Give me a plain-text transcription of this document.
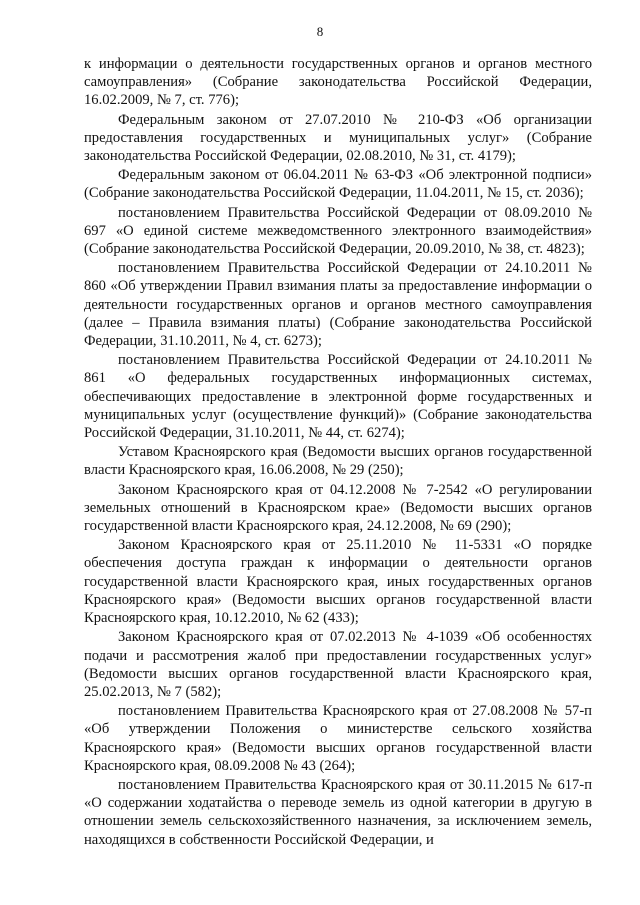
8

к информации о деятельности государственных органов и органов местного самоуправления» (Собрание законодательства Российской Федерации, 16.02.2009, № 7, ст. 776);

Федеральным законом от 27.07.2010 № 210-ФЗ «Об организации предоставления государственных и муниципальных услуг» (Собрание законодательства Российской Федерации, 02.08.2010, № 31, ст. 4179);

Федеральным законом от 06.04.2011 № 63-ФЗ «Об электронной подписи» (Собрание законодательства Российской Федерации, 11.04.2011, № 15, ст. 2036);

постановлением Правительства Российской Федерации от 08.09.2010 № 697 «О единой системе межведомственного электронного взаимодействия» (Собрание законодательства Российской Федерации, 20.09.2010, № 38, ст. 4823);

постановлением Правительства Российской Федерации от 24.10.2011 № 860 «Об утверждении Правил взимания платы за предоставление информации о деятельности государственных органов и органов местного самоуправления (далее – Правила взимания платы) (Собрание законодательства Российской Федерации, 31.10.2011, № 4, ст. 6273);

постановлением Правительства Российской Федерации от 24.10.2011 № 861 «О федеральных государственных информационных системах, обеспечивающих предоставление в электронной форме государственных и муниципальных услуг (осуществление функций)» (Собрание законодательства Российской Федерации, 31.10.2011, № 44, ст. 6274);

Уставом Красноярского края (Ведомости высших органов государственной власти Красноярского края, 16.06.2008, № 29 (250);

Законом Красноярского края от 04.12.2008 № 7-2542 «О регулировании земельных отношений в Красноярском крае» (Ведомости высших органов государственной власти Красноярского края, 24.12.2008, № 69 (290);

Законом Красноярского края от 25.11.2010 № 11-5331 «О порядке обеспечения доступа граждан к информации о деятельности органов государственной власти Красноярского края, иных государственных органов Красноярского края» (Ведомости высших органов государственной власти Красноярского края, 10.12.2010, № 62 (433);

Законом Красноярского края от 07.02.2013 № 4-1039 «Об особенностях подачи и рассмотрения жалоб при предоставлении государственных услуг» (Ведомости высших органов государственной власти Красноярского края, 25.02.2013, № 7 (582);

постановлением Правительства Красноярского края от 27.08.2008 № 57-п «Об утверждении Положения о министерстве сельского хозяйства Красноярского края» (Ведомости высших органов государственной власти Красноярского края, 08.09.2008 № 43 (264);

постановлением Правительства Красноярского края от 30.11.2015 № 617-п «О содержании ходатайства о переводе земель из одной категории в другую в отношении земель сельскохозяйственного назначения, за исключением земель, находящихся в собственности Российской Федерации, и
